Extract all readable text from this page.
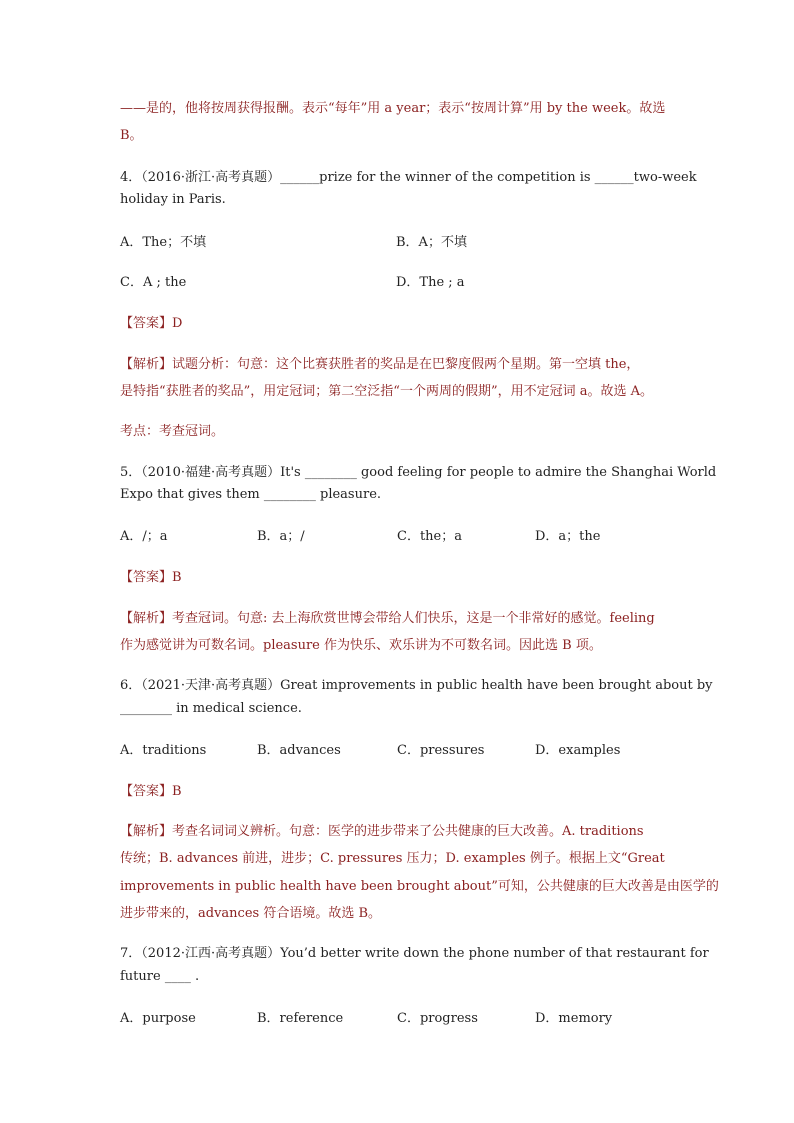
——是的，他将按周获得报酬。表示“每年”用 a year；表示“按周计算”用 by the week。故选
B。
4．（2016·浙江·高考真题）______prize for the winner of the competition is ______two-week
holiday in Paris.
A．The；不填	B．A；不填
C．A ; the	D．The ; a
【答案】D
【解析】试题分析：句意：这个比赛获胜者的奖品是在巴黎度假两个星期。第一空填 the，
是特指“获胜者的奖品”，用定冠词；第二空泛指“一个两周的假期”，用不定冠词 a。故选 A。
考点：考查冠词。
5．（2010·福建·高考真题）It's ________ good feeling for people to admire the Shanghai World
Expo that gives them ________ pleasure.
A．/；a	B．a；/	C．the；a	D．a；the
【答案】B
【解析】考查冠词。句意: 去上海欣赏世博会带给人们快乐，这是一个非常好的感觉。feeling
作为感觉讲为可数名词。pleasure 作为快乐、欢乐讲为不可数名词。因此选 B 项。
6．（2021·天津·高考真题）Great improvements in public health have been brought about by
________ in medical science.
A．traditions	B．advances	C．pressures	D．examples
【答案】B
【解析】考查名词词义辨析。句意：医学的进步带来了公共健康的巨大改善。A. traditions
传统；B. advances 前进，进步；C. pressures 压力；D. examples 例子。根据上文“Great
improvements in public health have been brought about”可知，公共健康的巨大改善是由医学的
进步带来的，advances 符合语境。故选 B。
7．（2012·江西·高考真题）You’d better write down the phone number of that restaurant for
future ____ .
A．purpose	B．reference	C．progress	D．memory
